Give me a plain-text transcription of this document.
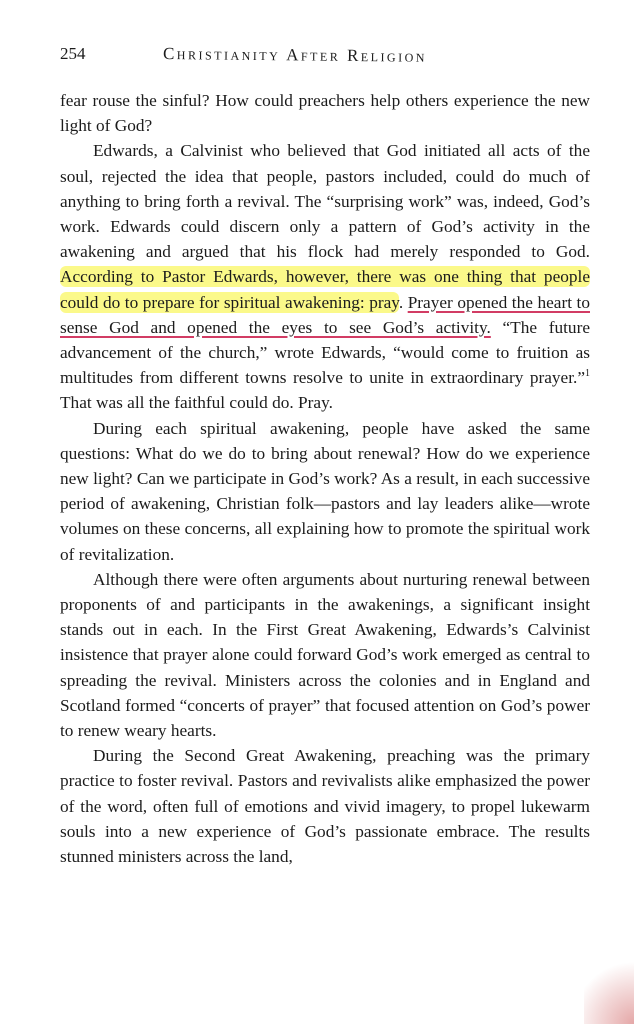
254	Christianity After Religion

fear rouse the sinful? How could preachers help others experience the new light of God?

Edwards, a Calvinist who believed that God initiated all acts of the soul, rejected the idea that people, pastors included, could do much of anything to bring forth a revival. The “surprising work” was, indeed, God’s work. Edwards could discern only a pattern of God’s activity in the awakening and argued that his flock had merely responded to God. According to Pastor Edwards, however, there was one thing that people could do to prepare for spiritual awakening: pray. Prayer opened the heart to sense God and opened the eyes to see God’s activity. “The future advancement of the church,” wrote Edwards, “would come to fruition as multitudes from different towns resolve to unite in extraordinary prayer.”$^1$ That was all the faithful could do. Pray.

During each spiritual awakening, people have asked the same questions: What do we do to bring about renewal? How do we experience new light? Can we participate in God’s work? As a result, in each successive period of awakening, Christian folk—pastors and lay leaders alike—wrote volumes on these concerns, all explaining how to promote the spiritual work of revitalization.

Although there were often arguments about nurturing renewal between proponents of and participants in the awakenings, a significant insight stands out in each. In the First Great Awakening, Edwards’s Calvinist insistence that prayer alone could forward God’s work emerged as central to spreading the revival. Ministers across the colonies and in England and Scotland formed “concerts of prayer” that focused attention on God’s power to renew weary hearts.

During the Second Great Awakening, preaching was the primary practice to foster revival. Pastors and revivalists alike emphasized the power of the word, often full of emotions and vivid imagery, to propel lukewarm souls into a new experience of God’s passionate embrace. The results stunned ministers across the land,
